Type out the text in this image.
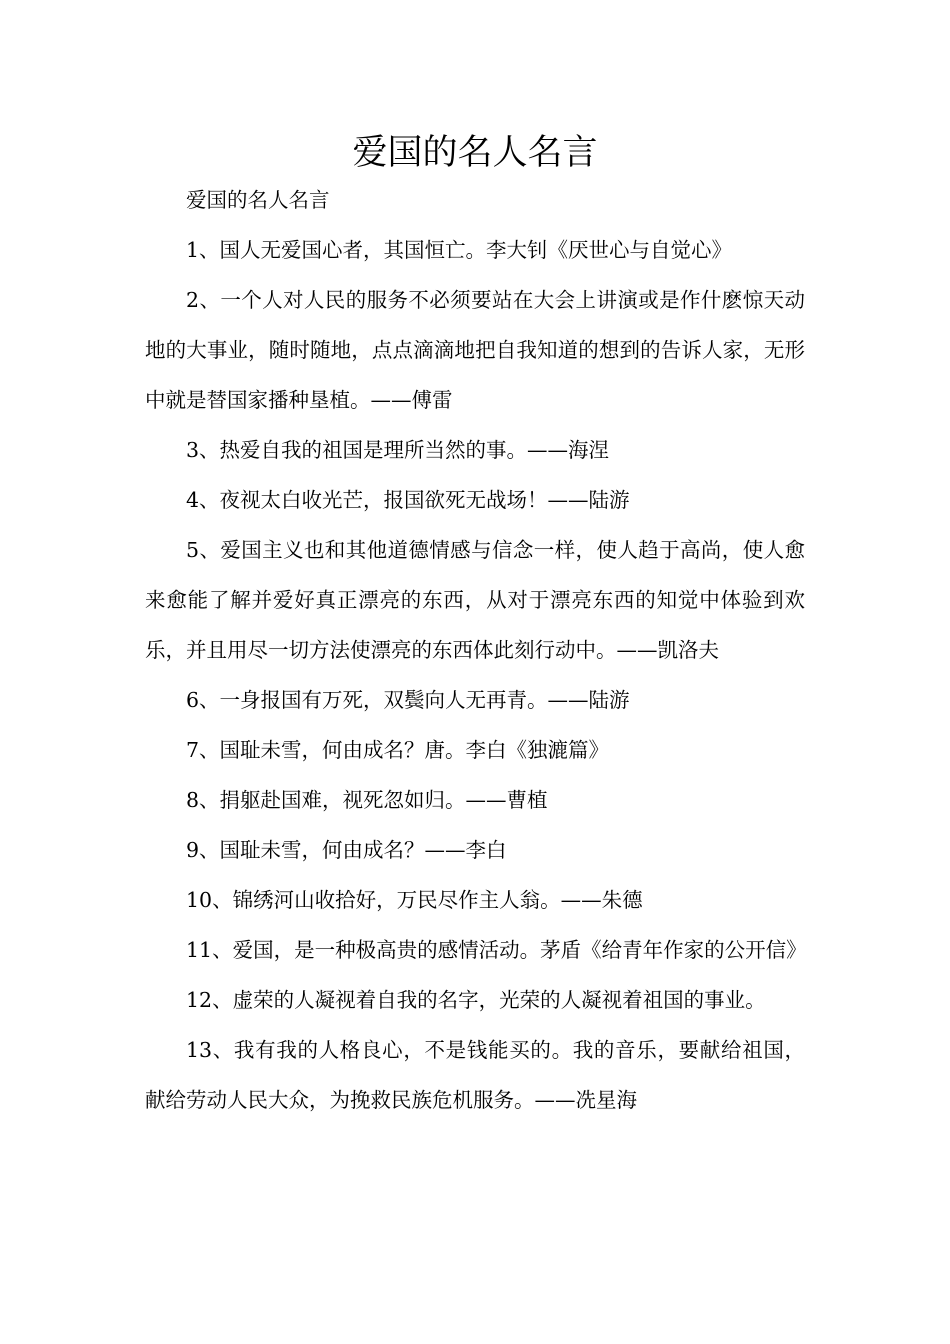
爱国的名人名言

爱国的名人名言

1、国人无爱国心者，其国恒亡。李大钊《厌世心与自觉心》

2、一个人对人民的服务不必须要站在大会上讲演或是作什麽惊天动地的大事业，随时随地，点点滴滴地把自我知道的想到的告诉人家，无形中就是替国家播种垦植。——傅雷

3、热爱自我的祖国是理所当然的事。——海涅

4、夜视太白收光芒，报国欲死无战场！——陆游

5、爱国主义也和其他道德情感与信念一样，使人趋于高尚，使人愈来愈能了解并爱好真正漂亮的东西，从对于漂亮东西的知觉中体验到欢乐，并且用尽一切方法使漂亮的东西体此刻行动中。——凯洛夫

6、一身报国有万死，双鬓向人无再青。——陆游

7、国耻未雪，何由成名？唐。李白《独漉篇》

8、捐躯赴国难，视死忽如归。——曹植

9、国耻未雪，何由成名？——李白

10、锦绣河山收拾好，万民尽作主人翁。——朱德

11、爱国，是一种极高贵的感情活动。茅盾《给青年作家的公开信》

12、虚荣的人凝视着自我的名字，光荣的人凝视着祖国的事业。

13、我有我的人格良心，不是钱能买的。我的音乐，要献给祖国，献给劳动人民大众，为挽救民族危机服务。——冼星海
